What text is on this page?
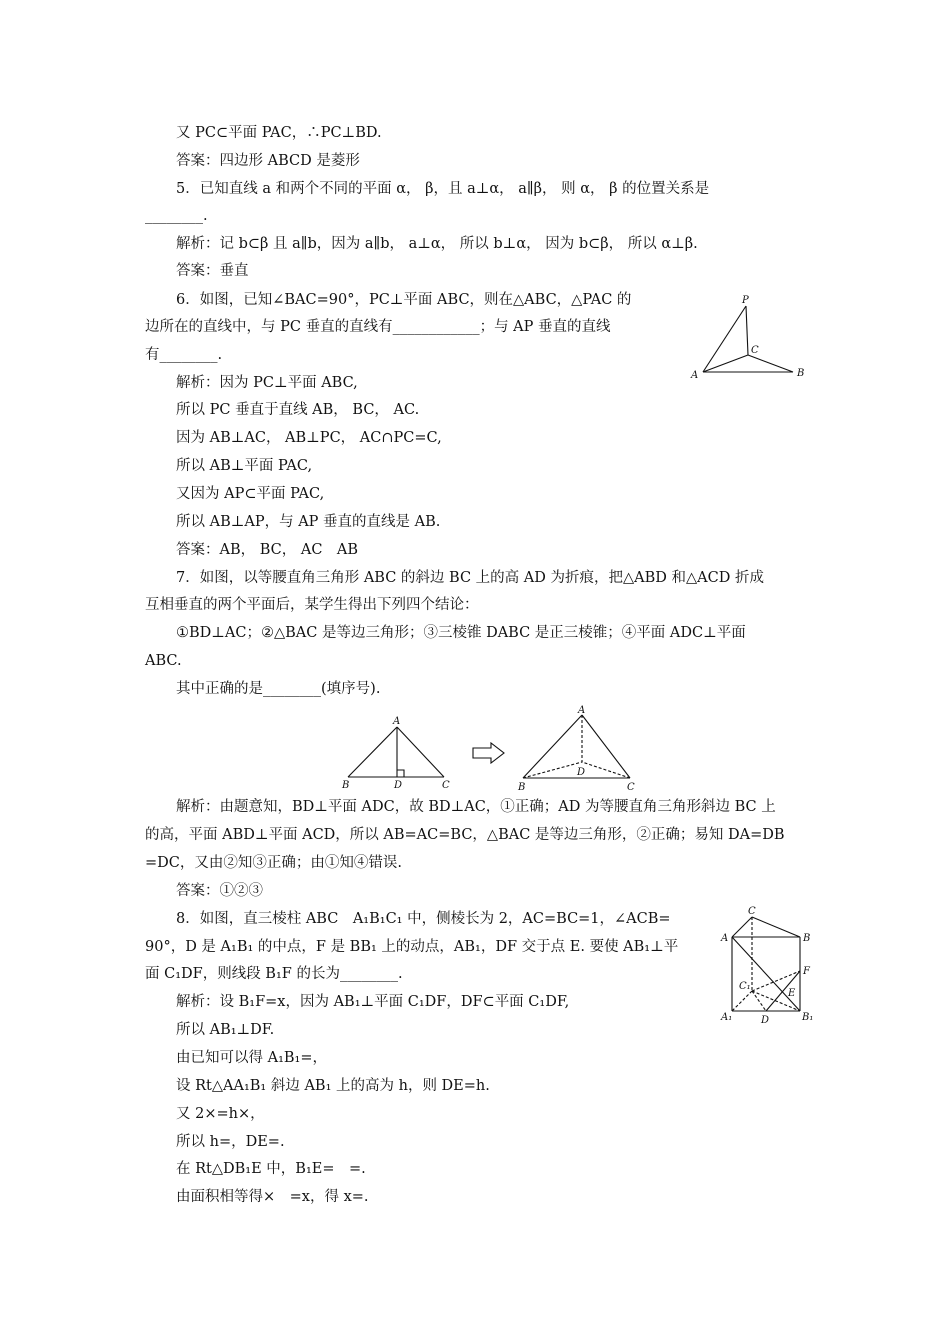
又 PC⊂平面 PAC，∴PC⊥BD.
答案：四边形 ABCD 是菱形
5．已知直线 a 和两个不同的平面 α， β，且 a⊥α， a∥β， 则 α， β 的位置关系是
________.
解析：记 b⊂β 且 a∥b，因为 a∥b， a⊥α， 所以 b⊥α， 因为 b⊂β， 所以 α⊥β.
答案：垂直
6．如图，已知∠BAC=90°，PC⊥平面 ABC，则在△ABC，△PAC 的
边所在的直线中，与 PC 垂直的直线有____________；与 AP 垂直的直线
有________.
解析：因为 PC⊥平面 ABC,
所以 PC 垂直于直线 AB， BC， AC.
因为 AB⊥AC， AB⊥PC， AC∩PC=C,
所以 AB⊥平面 PAC,
又因为 AP⊂平面 PAC,
所以 AB⊥AP，与 AP 垂直的直线是 AB.
答案：AB， BC， AC　AB
7．如图，以等腰直角三角形 ABC 的斜边 BC 上的高 AD 为折痕，把△ABD 和△ACD 折成
互相垂直的两个平面后，某学生得出下列四个结论：
①BD⊥AC；②△BAC 是等边三角形；③三棱锥 DABC 是正三棱锥；④平面 ADC⊥平面
ABC.
其中正确的是________(填序号).
解析：由题意知，BD⊥平面 ADC，故 BD⊥AC，①正确；AD 为等腰直角三角形斜边 BC 上
的高，平面 ABD⊥平面 ACD，所以 AB=AC=BC，△BAC 是等边三角形，②正确；易知 DA=DB
=DC，又由②知③正确；由①知④错误.
答案：①②③
8．如图，直三棱柱 ABC　A₁B₁C₁ 中，侧棱长为 2，AC=BC=1，∠ACB=
90°，D 是 A₁B₁ 的中点，F 是 BB₁ 上的动点，AB₁，DF 交于点 E. 要使 AB₁⊥平
面 C₁DF，则线段 B₁F 的长为________.
解析：设 B₁F=x，因为 AB₁⊥平面 C₁DF，DF⊂平面 C₁DF,
所以 AB₁⊥DF.
由已知可以得 A₁B₁=，
设 Rt△AA₁B₁ 斜边 AB₁ 上的高为 h，则 DE=h.
又 2×=h×，
所以 h=，DE=.
在 Rt△DB₁E 中，B₁E=　=.
由面积相等得×　=x，得 x=.
P
C
A	B
A
B	D	C
A
B
D
C
C
B
A
F
C₁
E
A₁	D	B₁
